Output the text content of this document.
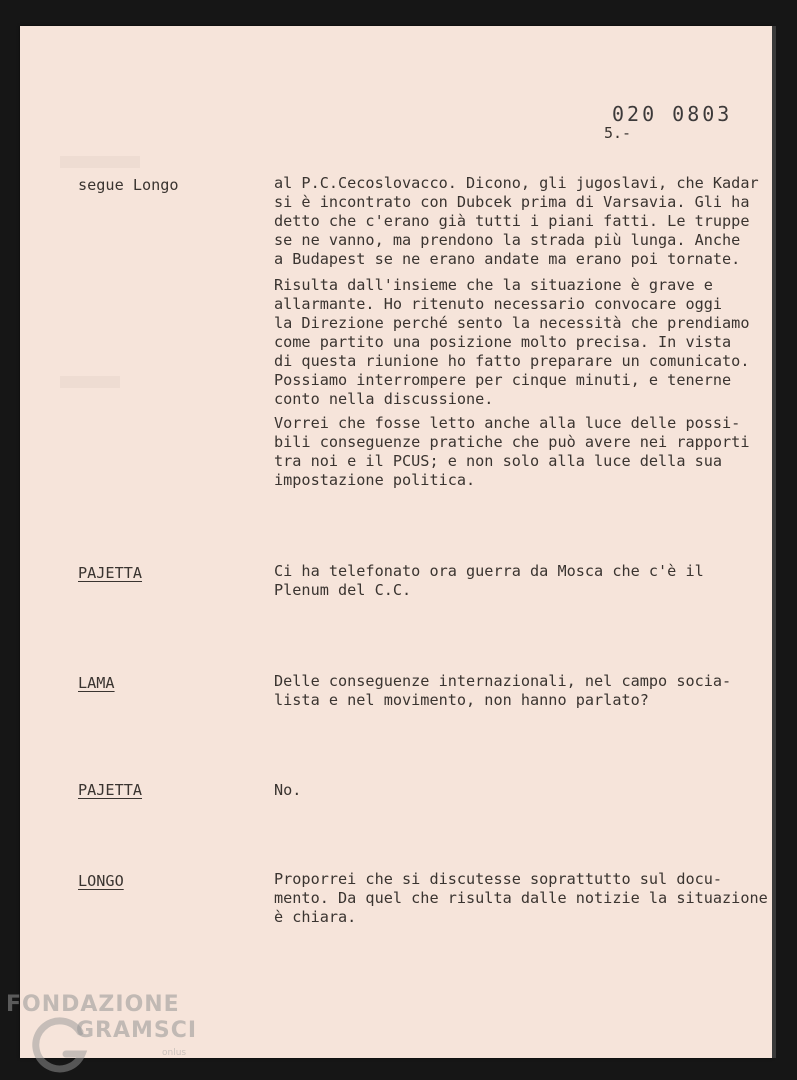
020 0803
5.-
segue Longo	al P.C.Cecoslovacco. Dicono, gli jugoslavi, che Kadar
si è incontrato con Dubcek prima di Varsavia. Gli ha
detto che c'erano già tutti i piani fatti. Le truppe
se ne vanno, ma prendono la strada più lunga. Anche
a Budapest se ne erano andate ma erano poi tornate.
Risulta dall'insieme che la situazione è grave e
allarmante. Ho ritenuto necessario convocare oggi
la Direzione perché sento la necessità che prendiamo
come partito una posizione molto precisa. In vista
di questa riunione ho fatto preparare un comunicato.
Possiamo interrompere per cinque minuti, e tenerne
conto nella discussione.
Vorrei che fosse letto anche alla luce delle possi-
bili conseguenze pratiche che può avere nei rapporti
tra noi e il PCUS; e non solo alla luce della sua
impostazione politica.
PAJETTA	Ci ha telefonato ora guerra da Mosca che c'è il
Plenum del C.C.
LAMA	Delle conseguenze internazionali, nel campo socia-
lista e nel movimento, non hanno parlato?
PAJETTA	No.
LONGO	Proporrei che si discutesse soprattutto sul docu-
mento. Da quel che risulta dalle notizie la situazione
è chiara.
FONDAZIONE
GRAMSCI
onlus
